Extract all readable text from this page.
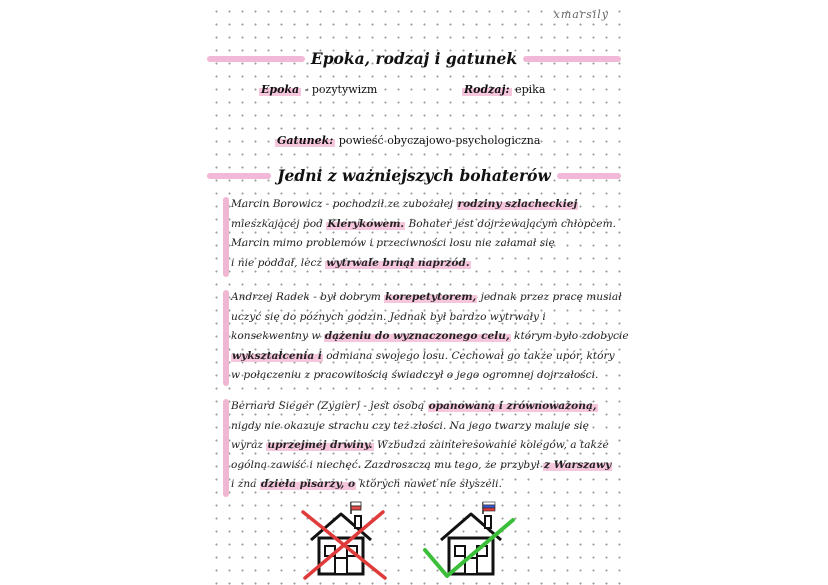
xmarsily
Epoka, rodzaj i gatunek
Epoka - pozytywizm	Rodzaj: epika
Gatunek: powieść obyczajowo-psychologiczna
Jedni z ważniejszych bohaterów
Marcin Borowicz - pochodził ze zubożałej rodziny szlacheckiej
mieszkającej pod Klerykowem. Bohater jest dojrzewającym chłopcem.
Marcin mimo problemów i przeciwności losu nie załamał się
i nie poddał, lecz wytrwale brnął naprzód.
Andrzej Radek - był dobrym korepetytorem, jednak przez pracę musiał
uczyć się do późnych godzin. Jednak był bardzo wytrwały i
konsekwentny w dążeniu do wyznaczonego celu, którym było zdobycie
wykształcenia i odmiana swojego losu. Cechował go także upór, który
w połączeniu z pracowitością świadczył o jego ogromnej dojrzałości.
Bernard Sieger (Zygier) - jest osobą opanowaną i zrównoważoną,
nigdy nie okazuje strachu czy też złości. Na jego twarzy maluje się
wyraz uprzejmej drwiny. Wzbudza zainteresowanie kolegów, a także
ogólną zawiść i niechęć. Zazdroszczą mu tego, że przybył z Warszawy
i zna dzieła pisarzy, o których nawet nie słyszeli.
